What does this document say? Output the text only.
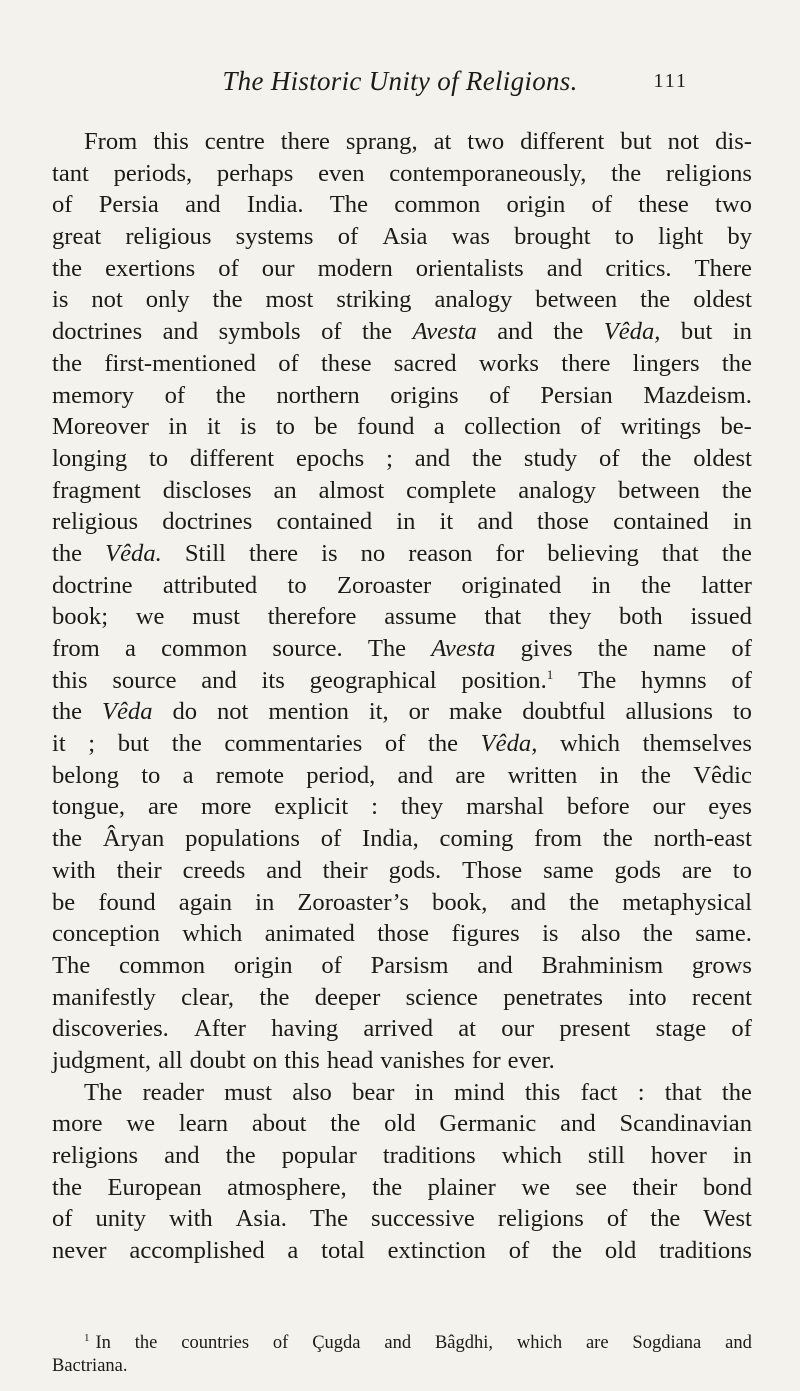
The Historic Unity of Religions.	111
From this centre there sprang, at two different but not dis-
tant periods, perhaps even contemporaneously, the religions
of Persia and India. The common origin of these two
great religious systems of Asia was brought to light by
the exertions of our modern orientalists and critics. There
is not only the most striking analogy between the oldest
doctrines and symbols of the Avesta and the Vêda, but in
the first-mentioned of these sacred works there lingers the
memory of the northern origins of Persian Mazdeism.
Moreover in it is to be found a collection of writings be-
longing to different epochs ; and the study of the oldest
fragment discloses an almost complete analogy between the
religious doctrines contained in it and those contained in
the Vêda. Still there is no reason for believing that the
doctrine attributed to Zoroaster originated in the latter
book; we must therefore assume that they both issued
from a common source. The Avesta gives the name of
this source and its geographical position.$^1$ The hymns of
the Vêda do not mention it, or make doubtful allusions to
it ; but the commentaries of the Vêda, which themselves
belong to a remote period, and are written in the Vêdic
tongue, are more explicit : they marshal before our eyes
the Âryan populations of India, coming from the north-east
with their creeds and their gods. Those same gods are to
be found again in Zoroaster’s book, and the metaphysical
conception which animated those figures is also the same.
The common origin of Parsism and Brahminism grows
manifestly clear, the deeper science penetrates into recent
discoveries. After having arrived at our present stage of
judgment, all doubt on this head vanishes for ever.
The reader must also bear in mind this fact : that the
more we learn about the old Germanic and Scandinavian
religions and the popular traditions which still hover in
the European atmosphere, the plainer we see their bond
of unity with Asia. The successive religions of the West
never accomplished a total extinction of the old traditions
$^1$ In the countries of Çugda and Bâgdhi, which are Sogdiana and
Bactriana.
